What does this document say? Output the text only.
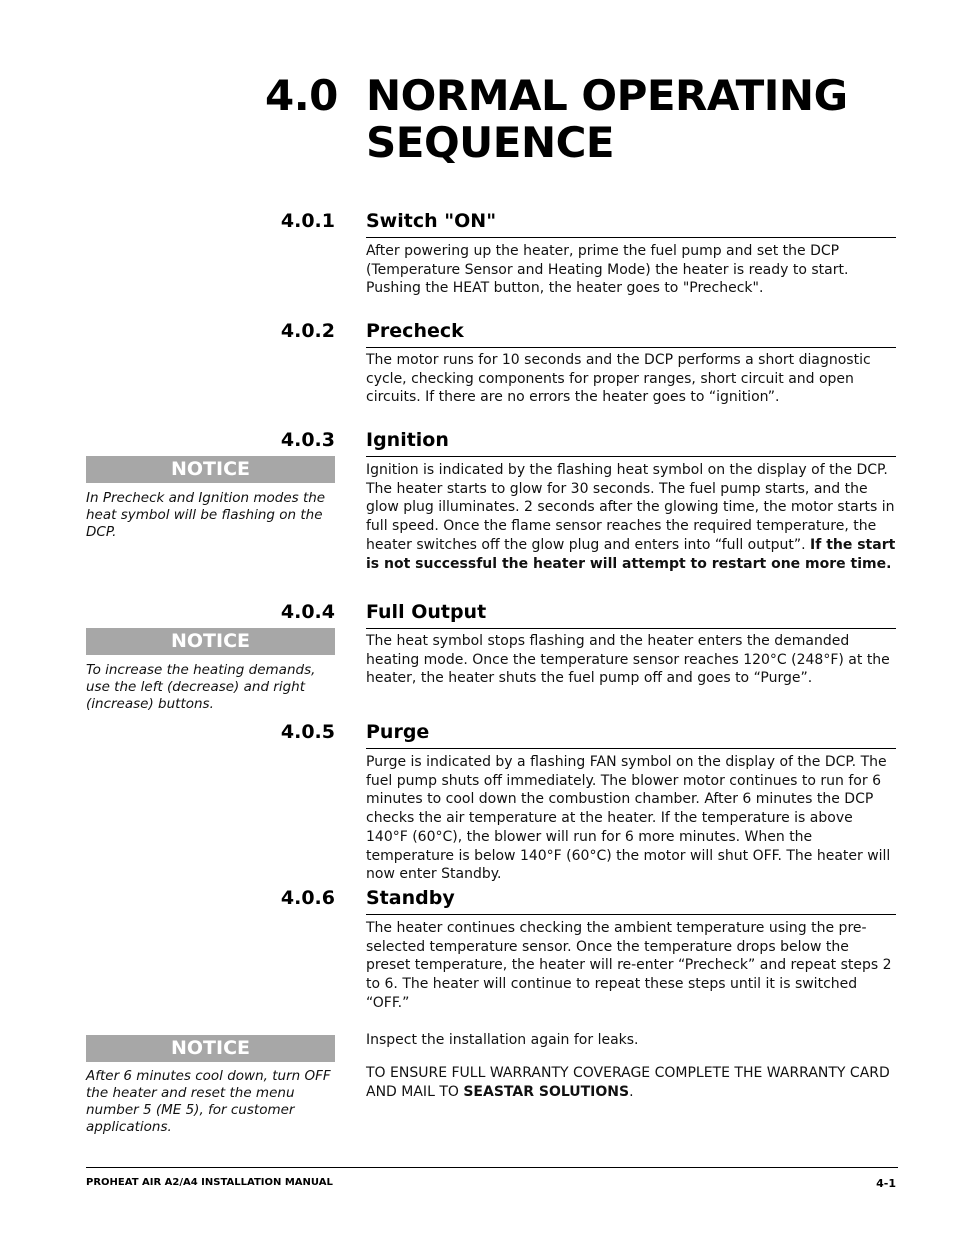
4.0 NORMAL OPERATING SEQUENCE
4.0.1 Switch "ON"
After powering up the heater, prime the fuel pump and set the DCP (Temperature Sensor and Heating Mode) the heater is ready to start. Pushing the HEAT button, the heater goes to "Precheck".
4.0.2 Precheck
The motor runs for 10 seconds and the DCP performs a short diagnostic cycle, checking components for proper ranges, short circuit and open circuits. If there are no errors the heater goes to “ignition”.
4.0.3 Ignition
Ignition is indicated by the flashing heat symbol on the display of the DCP. The heater starts to glow for 30 seconds. The fuel pump starts, and the glow plug illuminates. 2 seconds after the glowing time, the motor starts in full speed. Once the flame sensor reaches the required temperature, the heater switches off the glow plug and enters into “full output”. If the start is not successful the heater will attempt to restart one more time.
NOTICE
In Precheck and Ignition modes the heat symbol will be flashing on the DCP.
4.0.4 Full Output
The heat symbol stops flashing and the heater enters the demanded heating mode. Once the temperature sensor reaches 120°C (248°F) at the heater, the heater shuts the fuel pump off and goes to “Purge”.
NOTICE
To increase the heating demands, use the left (decrease) and right (increase) buttons.
4.0.5 Purge
Purge is indicated by a flashing FAN symbol on the display of the DCP. The fuel pump shuts off immediately. The blower motor continues to run for 6 minutes to cool down the combustion chamber. After 6 minutes the DCP checks the air temperature at the heater. If the temperature is above 140°F (60°C), the blower will run for 6 more minutes. When the temperature is below 140°F (60°C) the motor will shut OFF. The heater will now enter Standby.
4.0.6 Standby
The heater continues checking the ambient temperature using the pre-selected temperature sensor. Once the temperature drops below the preset temperature, the heater will re-enter “Precheck” and repeat steps 2 to 6. The heater will continue to repeat these steps until it is switched “OFF.”
NOTICE
After 6 minutes cool down, turn OFF the heater and reset the menu number 5 (ME 5), for customer applications.
Inspect the installation again for leaks.
TO ENSURE FULL WARRANTY COVERAGE COMPLETE THE WARRANTY CARD AND MAIL TO SEASTAR SOLUTIONS.
PROHEAT AIR A2/A4 INSTALLATION MANUAL	4-1
